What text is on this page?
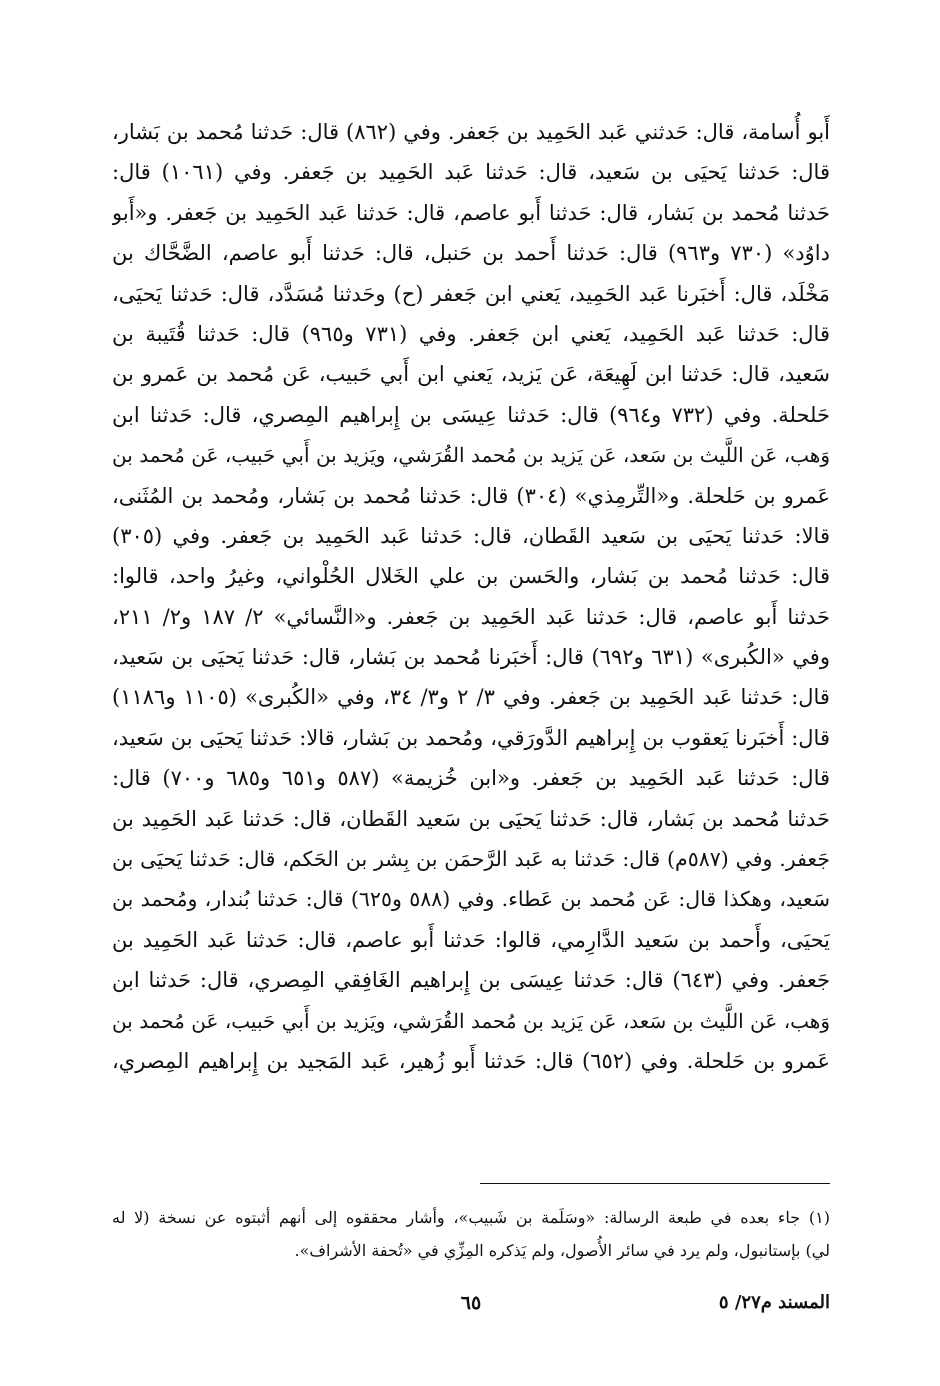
أَبو أُسامة، قال: حَدثني عَبد الحَمِيد بن جَعفر. وفي (٨٦٢) قال: حَدثنا مُحمد بن بَشار،
قال: حَدثنا يَحيَى بن سَعيد، قال: حَدثنا عَبد الحَمِيد بن جَعفر. وفي (١٠٦١) قال:
حَدثنا مُحمد بن بَشار، قال: حَدثنا أَبو عاصم، قال: حَدثنا عَبد الحَمِيد بن جَعفر. و«أَبو
داوُد» (٧٣٠ و٩٦٣) قال: حَدثنا أَحمد بن حَنبل، قال: حَدثنا أَبو عاصم، الضَّحَّاك بن
مَخْلَد، قال: أَخبَرنا عَبد الحَمِيد، يَعني ابن جَعفر (ح) وحَدثنا مُسَدَّد، قال: حَدثنا يَحيَى،
قال: حَدثنا عَبد الحَمِيد، يَعني ابن جَعفر. وفي (٧٣١ و٩٦٥) قال: حَدثنا قُتَيبة بن
سَعيد، قال: حَدثنا ابن لَهِيعَة، عَن يَزيد، يَعني ابن أَبي حَبيب، عَن مُحمد بن عَمرو بن
حَلحلة. وفي (٧٣٢ و٩٦٤) قال: حَدثنا عِيسَى بن إِبراهيم المِصري، قال: حَدثنا ابن
وَهب، عَن اللَّيث بن سَعد، عَن يَزيد بن مُحمد القُرَشي، ويَزيد بن أَبي حَبيب، عَن مُحمد بن
عَمرو بن حَلحلة. و«التِّرمِذي» (٣٠٤) قال: حَدثنا مُحمد بن بَشار، ومُحمد بن المُثَنى،
قالا: حَدثنا يَحيَى بن سَعيد القَطان، قال: حَدثنا عَبد الحَمِيد بن جَعفر. وفي (٣٠٥)
قال: حَدثنا مُحمد بن بَشار، والحَسن بن علي الخَلال الحُلْواني، وغيرُ واحد، قالوا:
حَدثنا أَبو عاصم، قال: حَدثنا عَبد الحَمِيد بن جَعفر. و«النَّسائي» ٢/ ١٨٧ و٢/ ٢١١،
وفي «الكُبرى» (٦٣١ و٦٩٢) قال: أَخبَرنا مُحمد بن بَشار، قال: حَدثنا يَحيَى بن سَعيد،
قال: حَدثنا عَبد الحَمِيد بن جَعفر. وفي ٣/ ٢ و٣/ ٣٤، وفي «الكُبرى» (١١٠٥ و١١٨٦)
قال: أَخبَرنا يَعقوب بن إِبراهيم الدَّورَقي، ومُحمد بن بَشار، قالا: حَدثنا يَحيَى بن سَعيد،
قال: حَدثنا عَبد الحَمِيد بن جَعفر. و«ابن خُزيمة» (٥٨٧ و٦٥١ و٦٨٥ و٧٠٠) قال:
حَدثنا مُحمد بن بَشار، قال: حَدثنا يَحيَى بن سَعيد القَطان، قال: حَدثنا عَبد الحَمِيد بن
جَعفر. وفي (٥٨٧م) قال: حَدثنا به عَبد الرَّحمَن بن بِشر بن الحَكم، قال: حَدثنا يَحيَى بن
سَعيد، وهكذا قال: عَن مُحمد بن عَطاء. وفي (٥٨٨ و٦٢٥) قال: حَدثنا بُندار، ومُحمد بن
يَحيَى، وأَحمد بن سَعيد الدَّارِمي، قالوا: حَدثنا أَبو عاصم، قال: حَدثنا عَبد الحَمِيد بن
جَعفر. وفي (٦٤٣) قال: حَدثنا عِيسَى بن إِبراهيم الغَافِقي المِصري، قال: حَدثنا ابن
وَهب، عَن اللَّيث بن سَعد، عَن يَزيد بن مُحمد القُرَشي، ويَزيد بن أَبي حَبيب، عَن مُحمد بن
عَمرو بن حَلحلة. وفي (٦٥٢) قال: حَدثنا أَبو زُهير، عَبد المَجيد بن إِبراهيم المِصري،
(١) جاء بعده في طبعة الرسالة: «وسَلَمة بن شَبيب»، وأشار محققوه إلى أنهم أثبتوه عن نسخة (لا له
لي) بإستانبول، ولم يرد في سائر الأُصول، ولم يَذكره المِزِّي في «تُحفة الأشراف».
المسند م٢٧/ ٥
٦٥
